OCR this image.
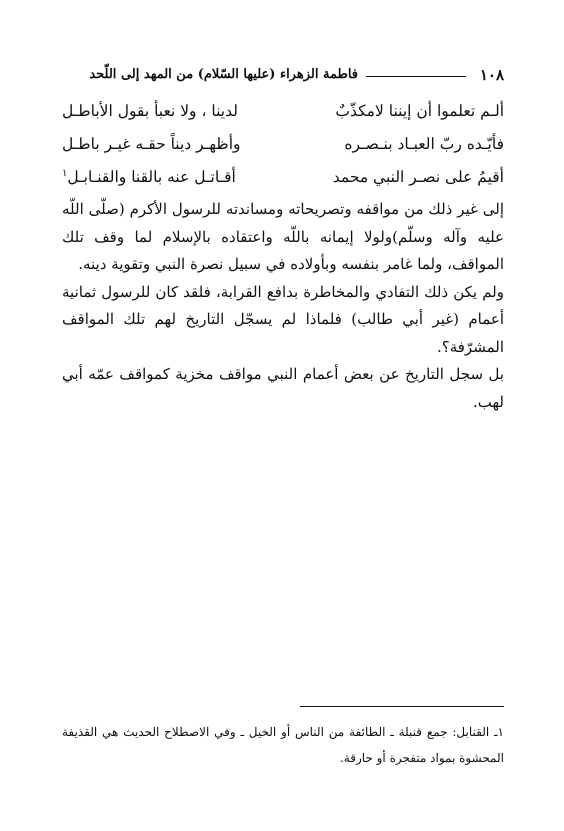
١٠٨
فاطمة الزهراء (عليها السّلام) من المهد إلى اللّحد
ألـم تعلموا أن إيننا لامكذّبٌ
لدينا ، ولا نعبأ بقول الأباطـل
فأيّـده ربّ العبـاد بنـصـره
وأظهـر ديناً حقـه غيـر باطـل
أقيمُ على نصـر النبي محمد
أقـاتـل عنه بالقنا والقنـابـل$^١$

إلى غير ذلك من مواقفه وتصريحاته ومساندته للرسول الأكرم (صلّى اللّه عليه وآله وسلّم)ولولا إيمانه باللّه واعتقاده بالإسلام لما وقف تلك المواقف، ولما غامر بنفسه وبأولاده في سبيل نصرة النبي وتقوية دينه.

ولم يكن ذلك التفادي والمخاطرة بدافع القرابة، فلقد كان للرسول ثمانية أعمام (غير أبي طالب) فلماذا لم يسجّل التاريخ لهم تلك المواقف المشرّفة؟.

بل سجل التاريخ عن بعض أعمام النبي مواقف مخزية كمواقف عمّه أبي لهب.

١ـ القنابل: جمع قنبلة ـ الطائفة من الناس أو الخيل ـ وفي الاصطلاح الحديث هي القذيفة المحشوة بمواد متفجرة أو حارقة.
